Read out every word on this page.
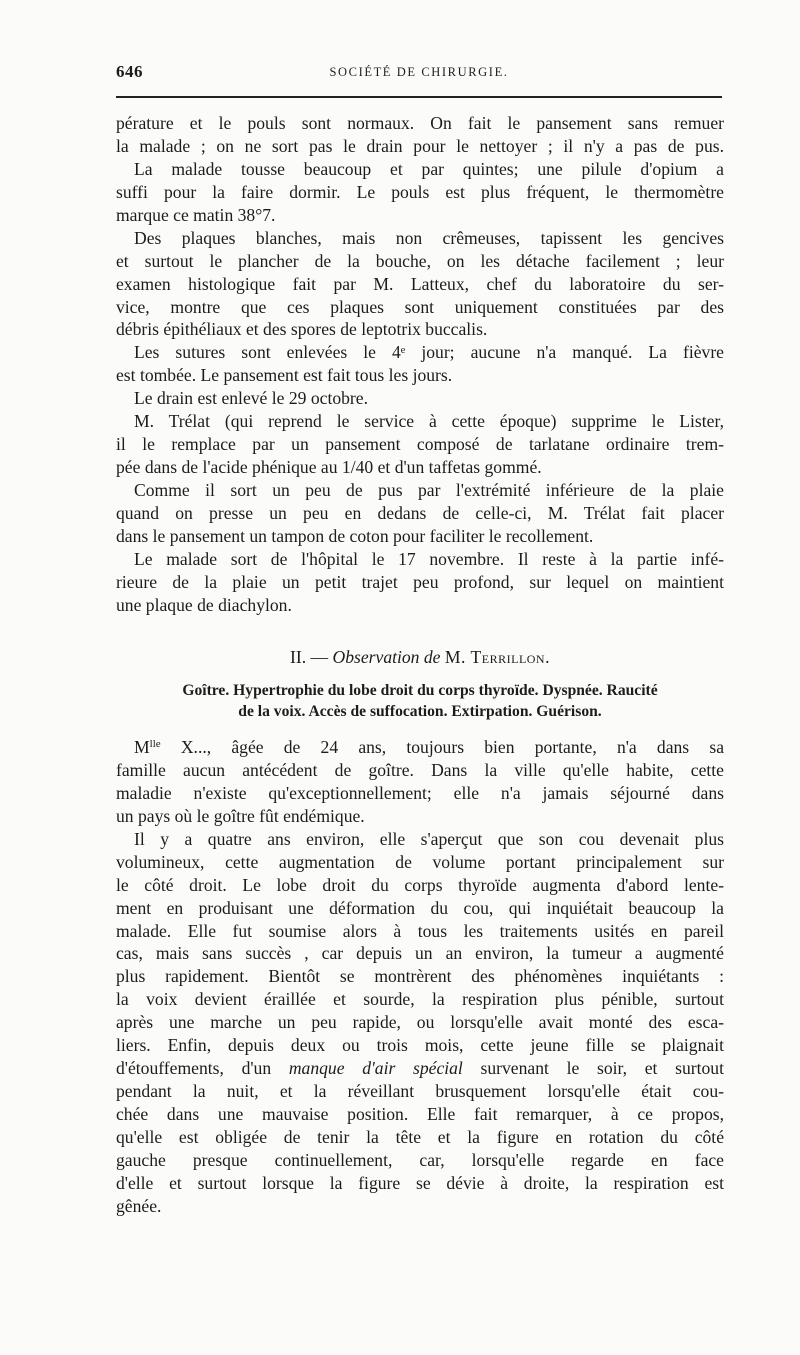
646	SOCIÉTÉ DE CHIRURGIE.
pérature et le pouls sont normaux. On fait le pansement sans remuer
la malade ; on ne sort pas le drain pour le nettoyer ; il n'y a pas de pus.
La malade tousse beaucoup et par quintes; une pilule d'opium a
suffi pour la faire dormir. Le pouls est plus fréquent, le thermomètre
marque ce matin 38°7.
Des plaques blanches, mais non crêmeuses, tapissent les gencives
et surtout le plancher de la bouche, on les détache facilement ; leur
examen histologique fait par M. Latteux, chef du laboratoire du ser-
vice, montre que ces plaques sont uniquement constituées par des
débris épithéliaux et des spores de leptotrix buccalis.
Les sutures sont enlevées le 4ᵉ jour; aucune n'a manqué. La fièvre
est tombée. Le pansement est fait tous les jours.
Le drain est enlevé le 29 octobre.
M. Trélat (qui reprend le service à cette époque) supprime le Lister,
il le remplace par un pansement composé de tarlatane ordinaire trem-
pée dans de l'acide phénique au 1/40 et d'un taffetas gommé.
Comme il sort un peu de pus par l'extrémité inférieure de la plaie
quand on presse un peu en dedans de celle-ci, M. Trélat fait placer
dans le pansement un tampon de coton pour faciliter le recollement.
Le malade sort de l'hôpital le 17 novembre. Il reste à la partie infé-
rieure de la plaie un petit trajet peu profond, sur lequel on maintient
une plaque de diachylon.
II. — Observation de M. Terrillon.
Goître. Hypertrophie du lobe droit du corps thyroïde. Dyspnée. Raucité
de la voix. Accès de suffocation. Extirpation. Guérison.
$M^{lle}$ X..., âgée de 24 ans, toujours bien portante, n'a dans sa
famille aucun antécédent de goître. Dans la ville qu'elle habite, cette
maladie n'existe qu'exceptionnellement; elle n'a jamais séjourné dans
un pays où le goître fût endémique.
Il y a quatre ans environ, elle s'aperçut que son cou devenait plus
volumineux, cette augmentation de volume portant principalement sur
le côté droit. Le lobe droit du corps thyroïde augmenta d'abord lente-
ment en produisant une déformation du cou, qui inquiétait beaucoup la
malade. Elle fut soumise alors à tous les traitements usités en pareil
cas, mais sans succès , car depuis un an environ, la tumeur a augmenté
plus rapidement. Bientôt se montrèrent des phénomènes inquiétants :
la voix devient éraillée et sourde, la respiration plus pénible, surtout
après une marche un peu rapide, ou lorsqu'elle avait monté des esca-
liers. Enfin, depuis deux ou trois mois, cette jeune fille se plaignait
d'étouffements, d'un manque d'air spécial survenant le soir, et surtout
pendant la nuit, et la réveillant brusquement lorsqu'elle était cou-
chée dans une mauvaise position. Elle fait remarquer, à ce propos,
qu'elle est obligée de tenir la tête et la figure en rotation du côté
gauche presque continuellement, car, lorsqu'elle regarde en face
d'elle et surtout lorsque la figure se dévie à droite, la respiration est
gênée.
